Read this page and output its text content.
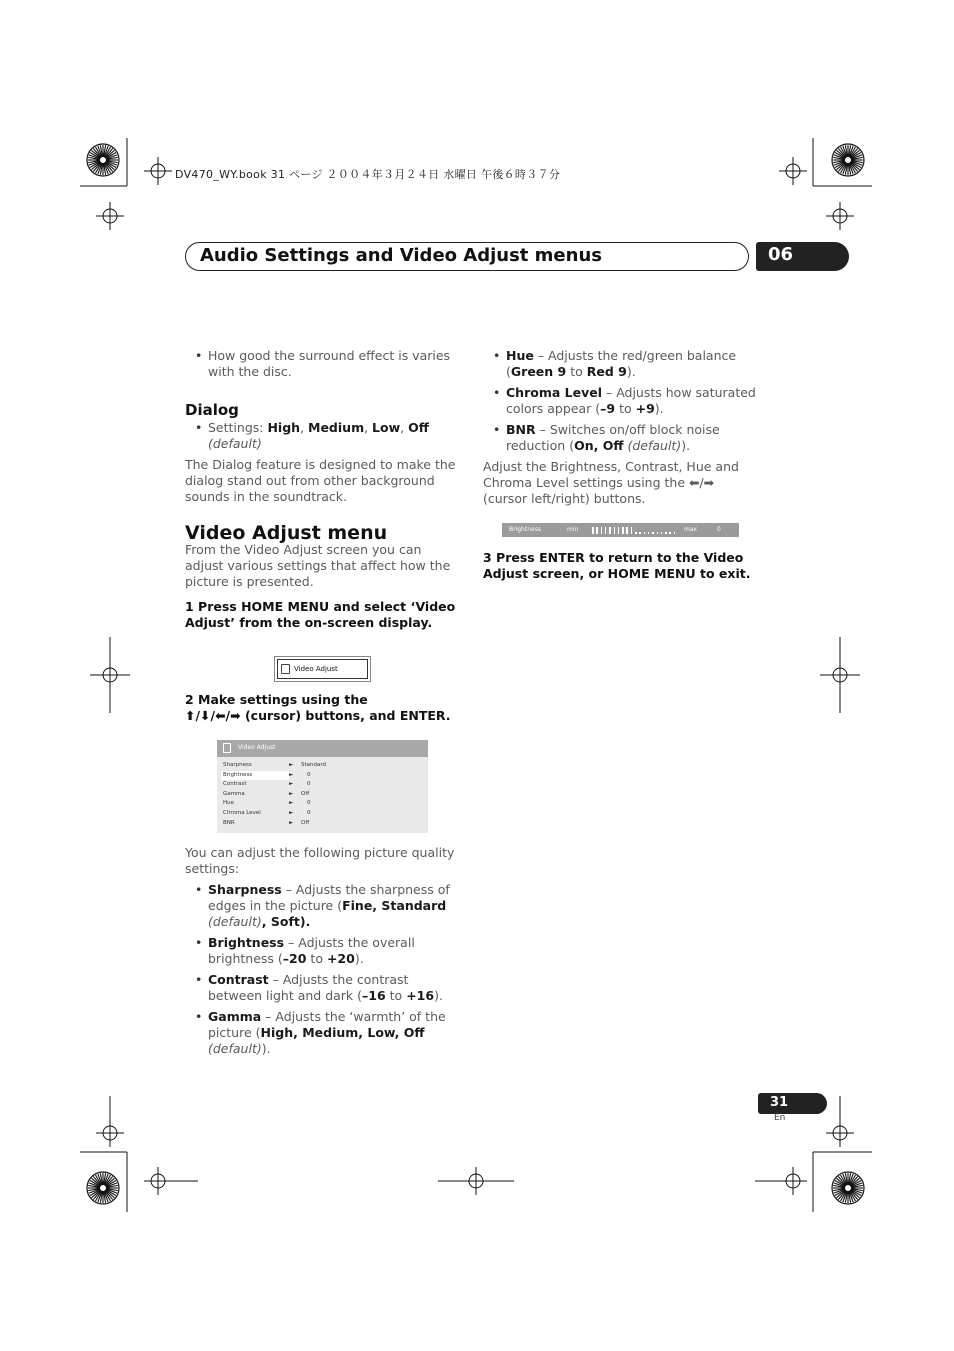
DV470_WY.book 31 ページ ２００４年３月２４日 水曜日 午後６時３７分
Audio Settings and Video Adjust menus	06

• How good the surround effect is varies with the disc.

Dialog

• Settings: High, Medium, Low, Off
(default)

The Dialog feature is designed to make the dialog stand out from other background sounds in the soundtrack.

Video Adjust menu

From the Video Adjust screen you can adjust various settings that affect how the picture is presented.

1 Press HOME MENU and select ‘Video Adjust’ from the on-screen display.

Video Adjust

2 Make settings using the

⬆/⬇/⬅/➡ (cursor) buttons, and ENTER.

Video Adjust
Sharpness	► Standard
Brightness	►	0
Contrast	►	0
Gamma	► Off
Hue	►	0
Chroma Level	►	0
BNR	► Off

You can adjust the following picture quality settings:

• Sharpness – Adjusts the sharpness of edges in the picture (Fine, Standard (default), Soft).

• Brightness – Adjusts the overall brightness (–20 to +20).

• Contrast – Adjusts the contrast between light and dark (–16 to +16).

• Gamma – Adjusts the ‘warmth’ of the picture (High, Medium, Low, Off (default)).

• Hue – Adjusts the red/green balance (Green 9 to Red 9).

• Chroma Level – Adjusts how saturated colors appear (–9 to +9).

• BNR – Switches on/off block noise reduction (On, Off (default)).

Adjust the Brightness, Contrast, Hue and Chroma Level settings using the ⬅/➡ (cursor left/right) buttons.

Brightness	min	max	0
3 Press ENTER to return to the Video Adjust screen, or HOME MENU to exit.
31
En
